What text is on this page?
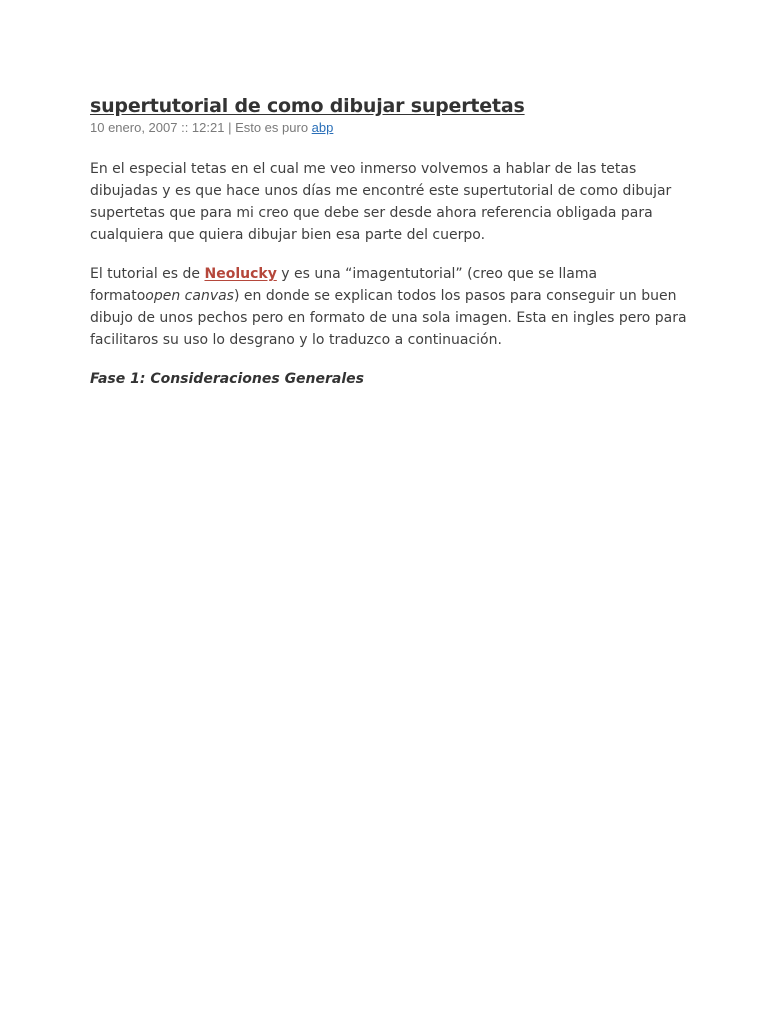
supertutorial de como dibujar supertetas

10 enero, 2007 :: 12:21 | Esto es puro abp

En el especial tetas en el cual me veo inmerso volvemos a hablar de las tetas dibujadas y es que hace unos días me encontré este supertutorial de como dibujar supertetas que para mi creo que debe ser desde ahora referencia obligada para cualquiera que quiera dibujar bien esa parte del cuerpo.

El tutorial es de Neolucky y es una “imagentutorial” (creo que se llama formatoopen canvas) en donde se explican todos los pasos para conseguir un buen dibujo de unos pechos pero en formato de una sola imagen. Esta en ingles pero para facilitaros su uso lo desgrano y lo traduzco a continuación.

Fase 1: Consideraciones Generales
